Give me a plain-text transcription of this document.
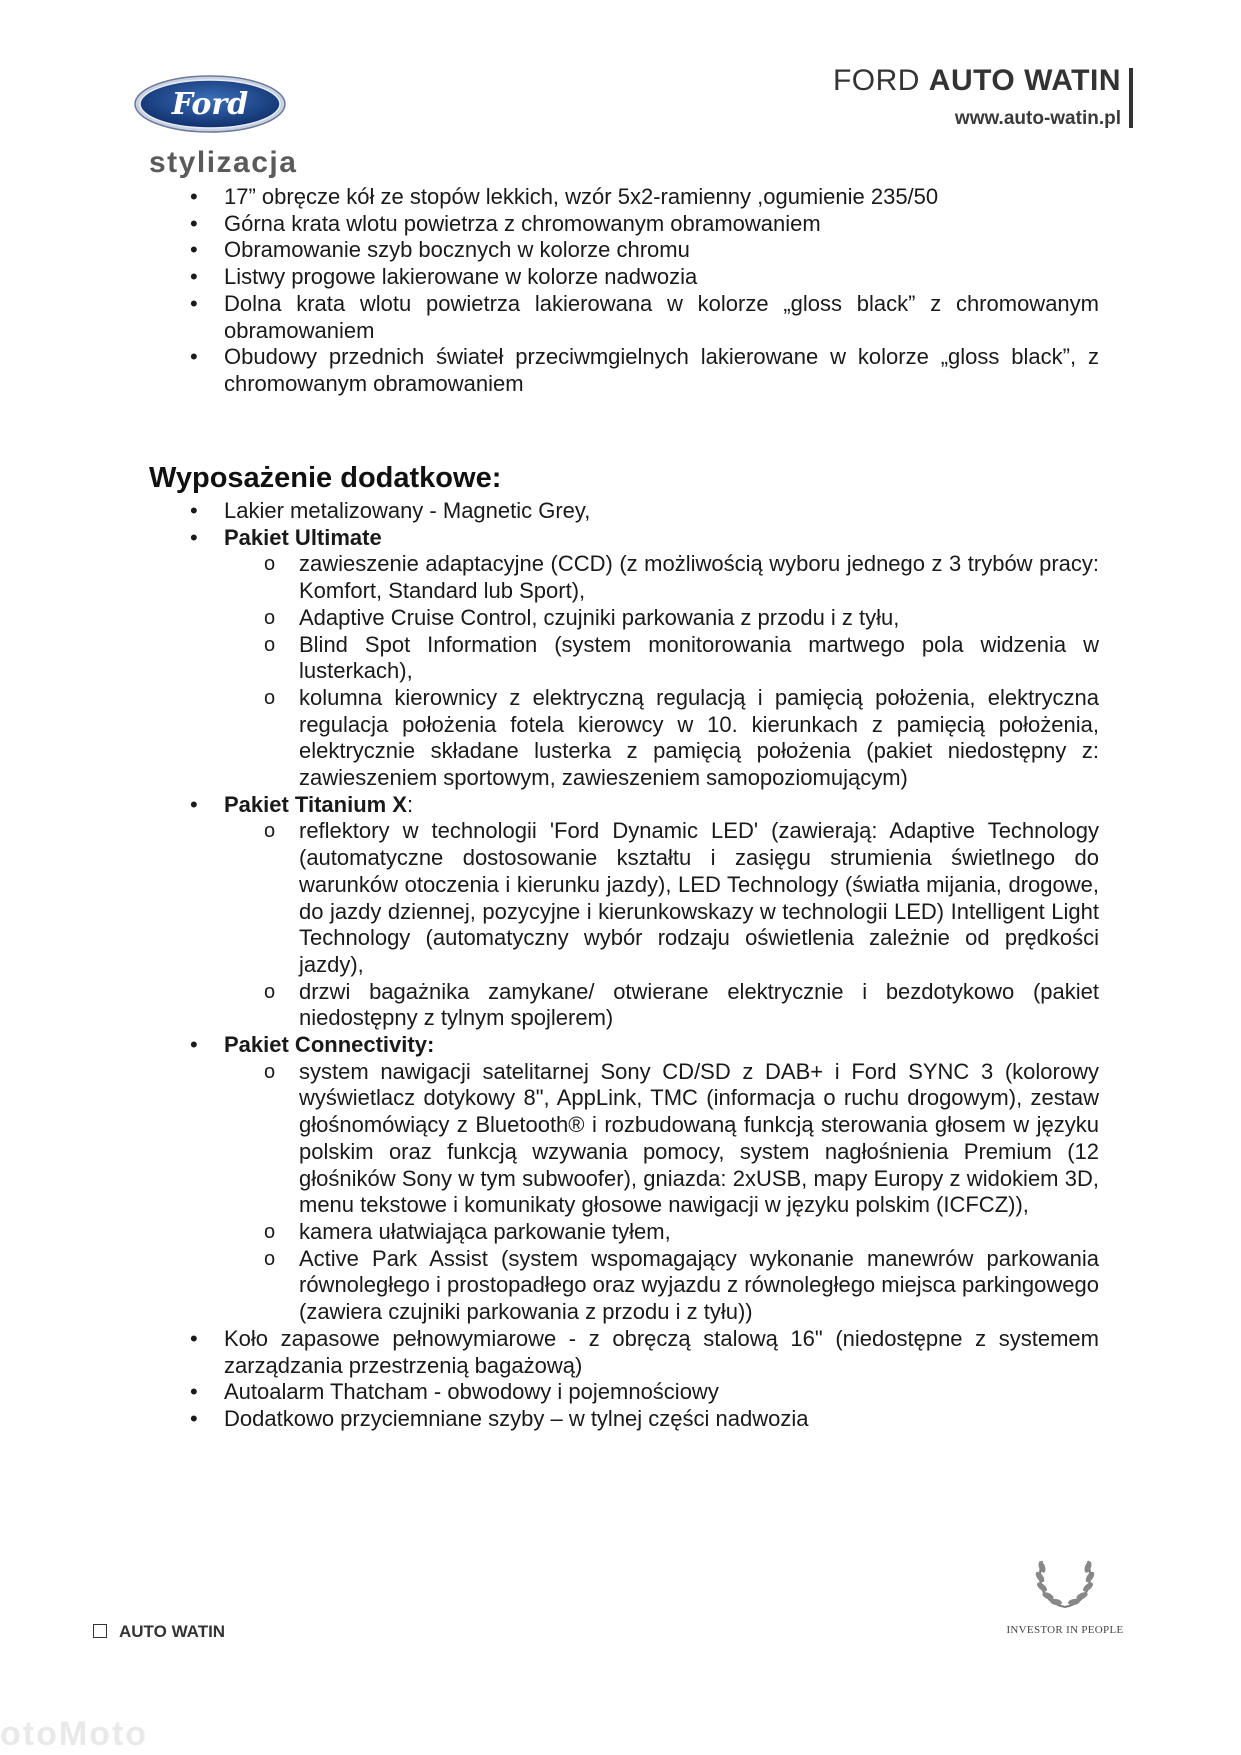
Ford
FORD AUTO WATIN
www.auto-watin.pl
stylizacja
• 17” obręcze kół ze stopów lekkich, wzór 5x2-ramienny ,ogumienie 235/50
• Górna krata wlotu powietrza z chromowanym obramowaniem
• Obramowanie szyb bocznych w kolorze chromu
• Listwy progowe lakierowane w kolorze nadwozia
• Dolna krata wlotu powietrza lakierowana w kolorze „gloss black” z chromowanym obramowaniem
• Obudowy przednich świateł przeciwmgielnych lakierowane w kolorze „gloss black”, z chromowanym obramowaniem
Wyposażenie dodatkowe:
• Lakier metalizowany - Magnetic Grey,
• Pakiet Ultimate
o zawieszenie adaptacyjne (CCD) (z możliwością wyboru jednego z 3 trybów pracy: Komfort, Standard lub Sport),
o Adaptive Cruise Control, czujniki parkowania z przodu i z tyłu,
o Blind Spot Information (system monitorowania martwego pola widzenia w lusterkach),
o kolumna kierownicy z elektryczną regulacją i pamięcią położenia, elektryczna regulacja położenia fotela kierowcy w 10. kierunkach z pamięcią położenia, elektrycznie składane lusterka z pamięcią położenia (pakiet niedostępny z: zawieszeniem sportowym, zawieszeniem samopoziomującym)
• Pakiet Titanium X:
o reflektory w technologii 'Ford Dynamic LED' (zawierają: Adaptive Technology (automatyczne dostosowanie kształtu i zasięgu strumienia świetlnego do warunków otoczenia i kierunku jazdy), LED Technology (światła mijania, drogowe, do jazdy dziennej, pozycyjne i kierunkowskazy w technologii LED) Intelligent Light Technology (automatyczny wybór rodzaju oświetlenia zależnie od prędkości jazdy),
o drzwi bagażnika zamykane/ otwierane elektrycznie i bezdotykowo (pakiet niedostępny z tylnym spojlerem)
• Pakiet Connectivity:
o system nawigacji satelitarnej Sony CD/SD z DAB+ i Ford SYNC 3 (kolorowy wyświetlacz dotykowy 8", AppLink, TMC (informacja o ruchu drogowym), zestaw głośnomówiący z Bluetooth® i rozbudowaną funkcją sterowania głosem w języku polskim oraz funkcją wzywania pomocy, system nagłośnienia Premium (12 głośników Sony w tym subwoofer), gniazda: 2xUSB, mapy Europy z widokiem 3D, menu tekstowe i komunikaty głosowe nawigacji w języku polskim (ICFCZ)),
o kamera ułatwiająca parkowanie tyłem,
o Active Park Assist (system wspomagający wykonanie manewrów parkowania równoległego i prostopadłego oraz wyjazdu z równoległego miejsca parkingowego (zawiera czujniki parkowania z przodu i z tyłu))
• Koło zapasowe pełnowymiarowe - z obręczą stalową 16" (niedostępne z systemem zarządzania przestrzenią bagażową)
• Autoalarm Thatcham - obwodowy i pojemnościowy
• Dodatkowo przyciemniane szyby – w tylnej części nadwozia
AUTO WATIN	INVESTOR IN PEOPLE
otoMoto
